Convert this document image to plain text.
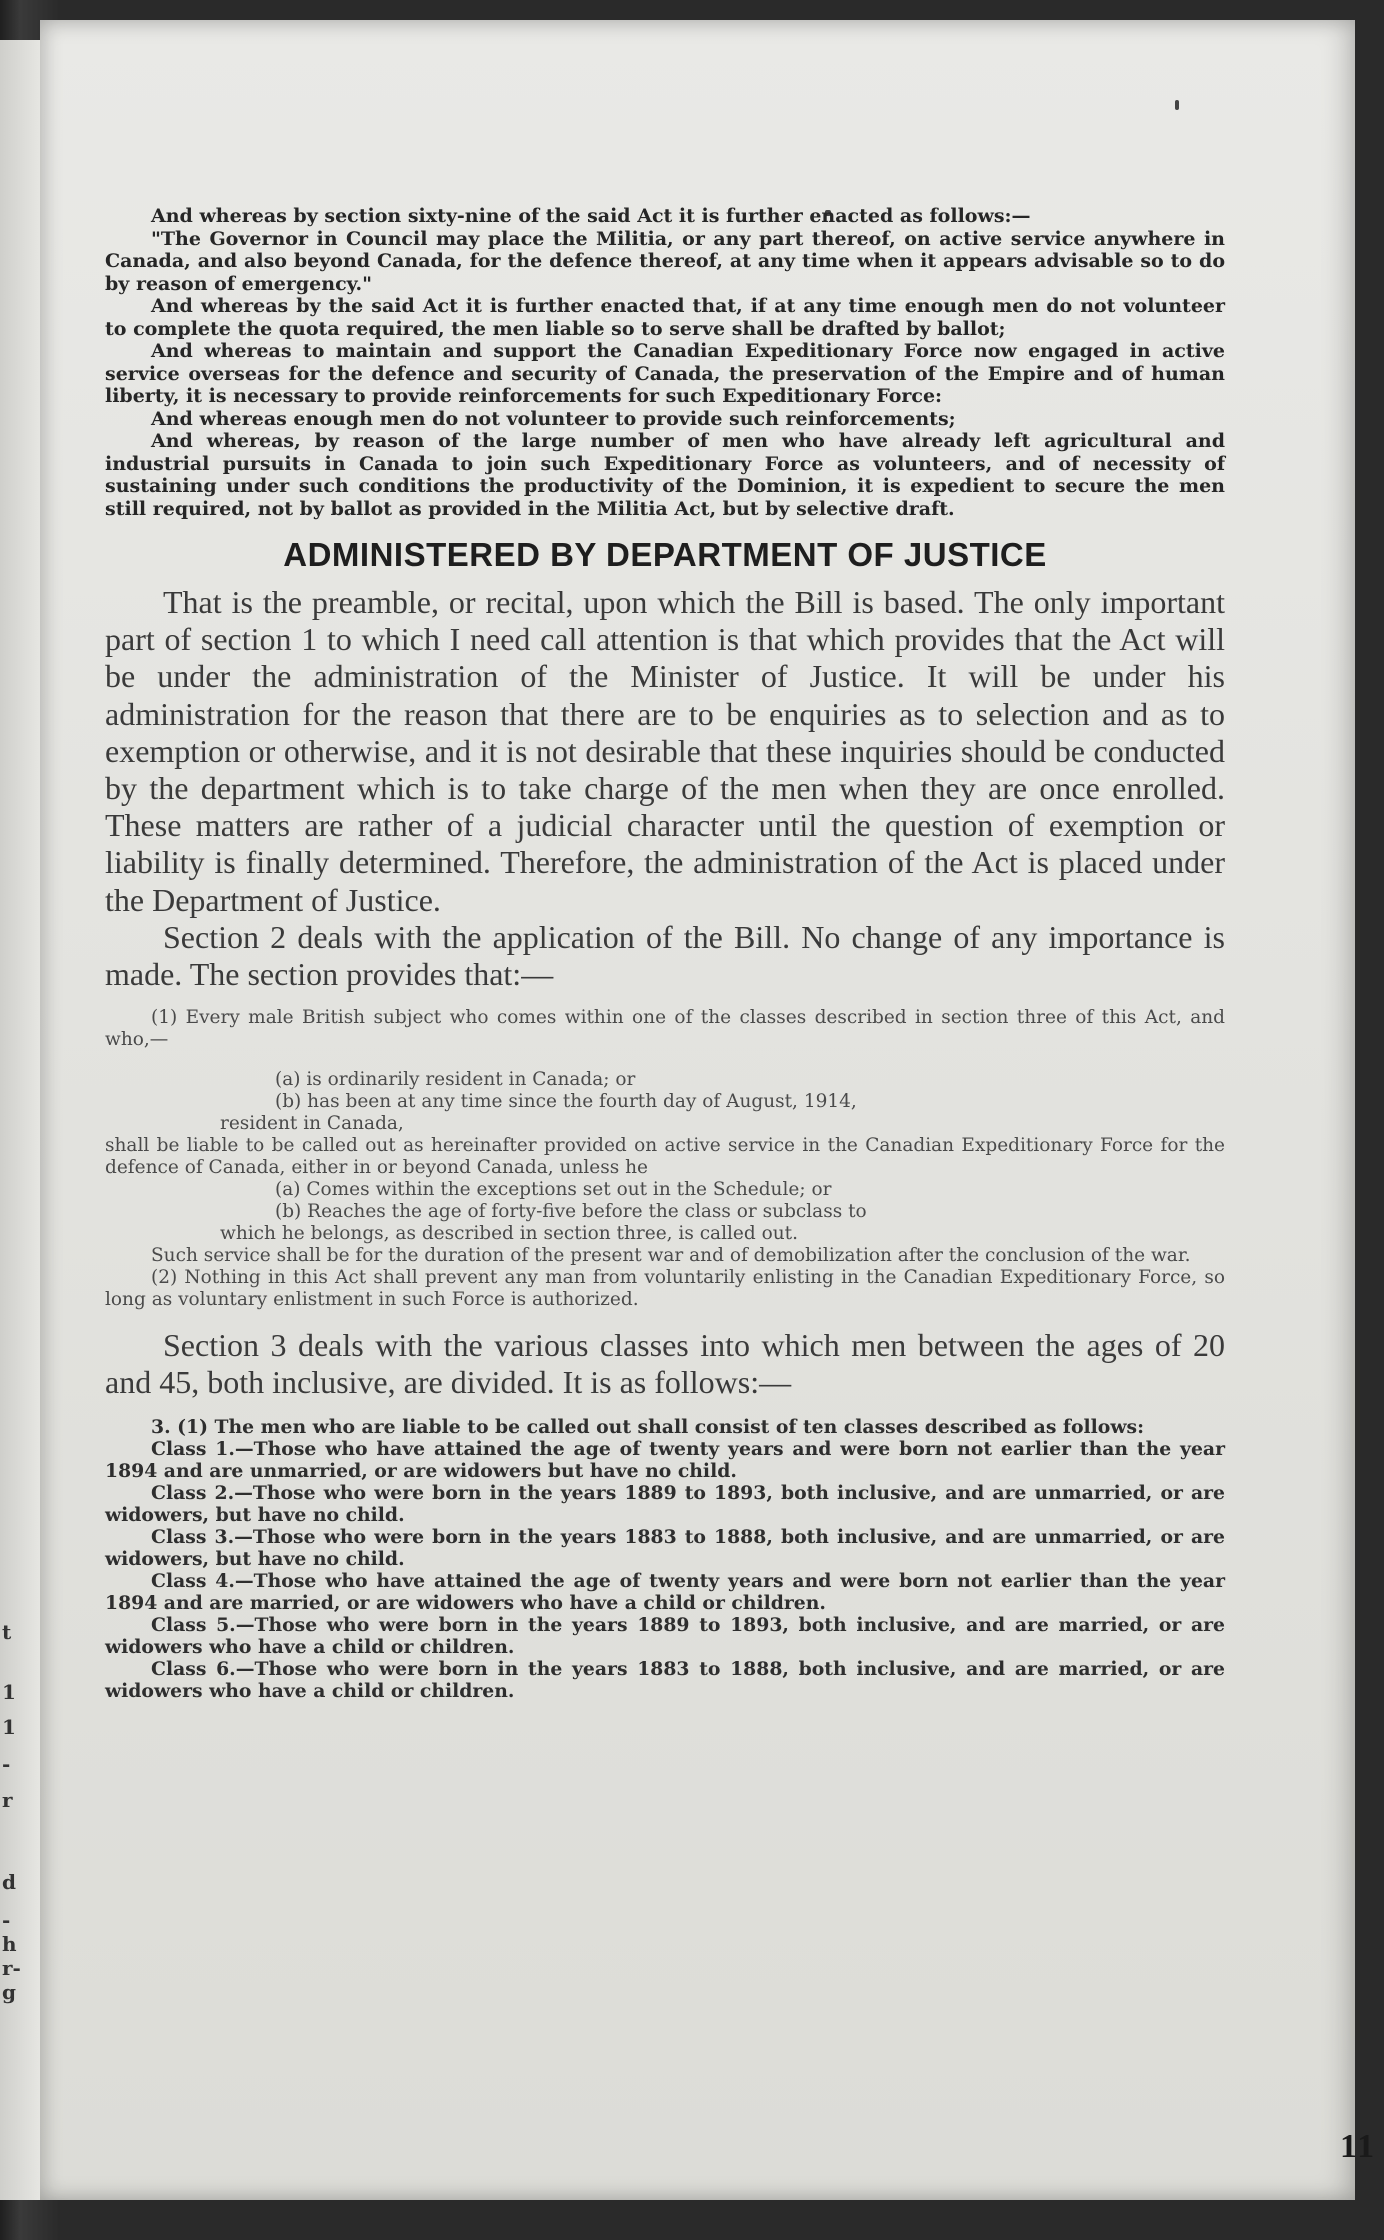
t
1
1
-
r
d
-
h
r-
g
11
And whereas by section sixty-nine of the said Act it is further enacted as follows:—
"The Governor in Council may place the Militia, or any part thereof, on active service anywhere in Canada, and also beyond Canada, for the defence thereof, at any time when it appears advisable so to do by reason of emergency."
And whereas by the said Act it is further enacted that, if at any time enough men do not volunteer to complete the quota required, the men liable so to serve shall be drafted by ballot;
And whereas to maintain and support the Canadian Expeditionary Force now engaged in active service overseas for the defence and security of Canada, the preservation of the Empire and of human liberty, it is necessary to provide reinforcements for such Expeditionary Force:
And whereas enough men do not volunteer to provide such reinforcements;
And whereas, by reason of the large number of men who have already left agricultural and industrial pursuits in Canada to join such Expeditionary Force as volunteers, and of necessity of sustaining under such conditions the productivity of the Dominion, it is expedient to secure the men still required, not by ballot as provided in the Militia Act, but by selective draft.
ADMINISTERED BY DEPARTMENT OF JUSTICE
That is the preamble, or recital, upon which the Bill is based. The only important part of section 1 to which I need call attention is that which provides that the Act will be under the administration of the Minister of Justice. It will be under his administration for the reason that there are to be enquiries as to selection and as to exemption or otherwise, and it is not desirable that these inquiries should be conducted by the department which is to take charge of the men when they are once enrolled. These matters are rather of a judicial character until the question of exemption or liability is finally determined. Therefore, the administration of the Act is placed under the Department of Justice.
Section 2 deals with the application of the Bill. No change of any importance is made. The section provides that:—
(1) Every male British subject who comes within one of the classes described in section three of this Act, and who,—
(a) is ordinarily resident in Canada; or
(b) has been at any time since the fourth day of August, 1914,
resident in Canada,
shall be liable to be called out as hereinafter provided on active service in the Canadian Expeditionary Force for the defence of Canada, either in or beyond Canada, unless he
(a) Comes within the exceptions set out in the Schedule; or
(b) Reaches the age of forty-five before the class or subclass to
which he belongs, as described in section three, is called out.
Such service shall be for the duration of the present war and of demobilization after the conclusion of the war.
(2) Nothing in this Act shall prevent any man from voluntarily enlisting in the Canadian Expeditionary Force, so long as voluntary enlistment in such Force is authorized.
Section 3 deals with the various classes into which men between the ages of 20 and 45, both inclusive, are divided. It is as follows:—
3. (1) The men who are liable to be called out shall consist of ten classes described as follows:
Class 1.—Those who have attained the age of twenty years and were born not earlier than the year 1894 and are unmarried, or are widowers but have no child.
Class 2.—Those who were born in the years 1889 to 1893, both inclusive, and are unmarried, or are widowers, but have no child.
Class 3.—Those who were born in the years 1883 to 1888, both inclusive, and are unmarried, or are widowers, but have no child.
Class 4.—Those who have attained the age of twenty years and were born not earlier than the year 1894 and are married, or are widowers who have a child or children.
Class 5.—Those who were born in the years 1889 to 1893, both inclusive, and are married, or are widowers who have a child or children.
Class 6.—Those who were born in the years 1883 to 1888, both inclusive, and are married, or are widowers who have a child or children.
